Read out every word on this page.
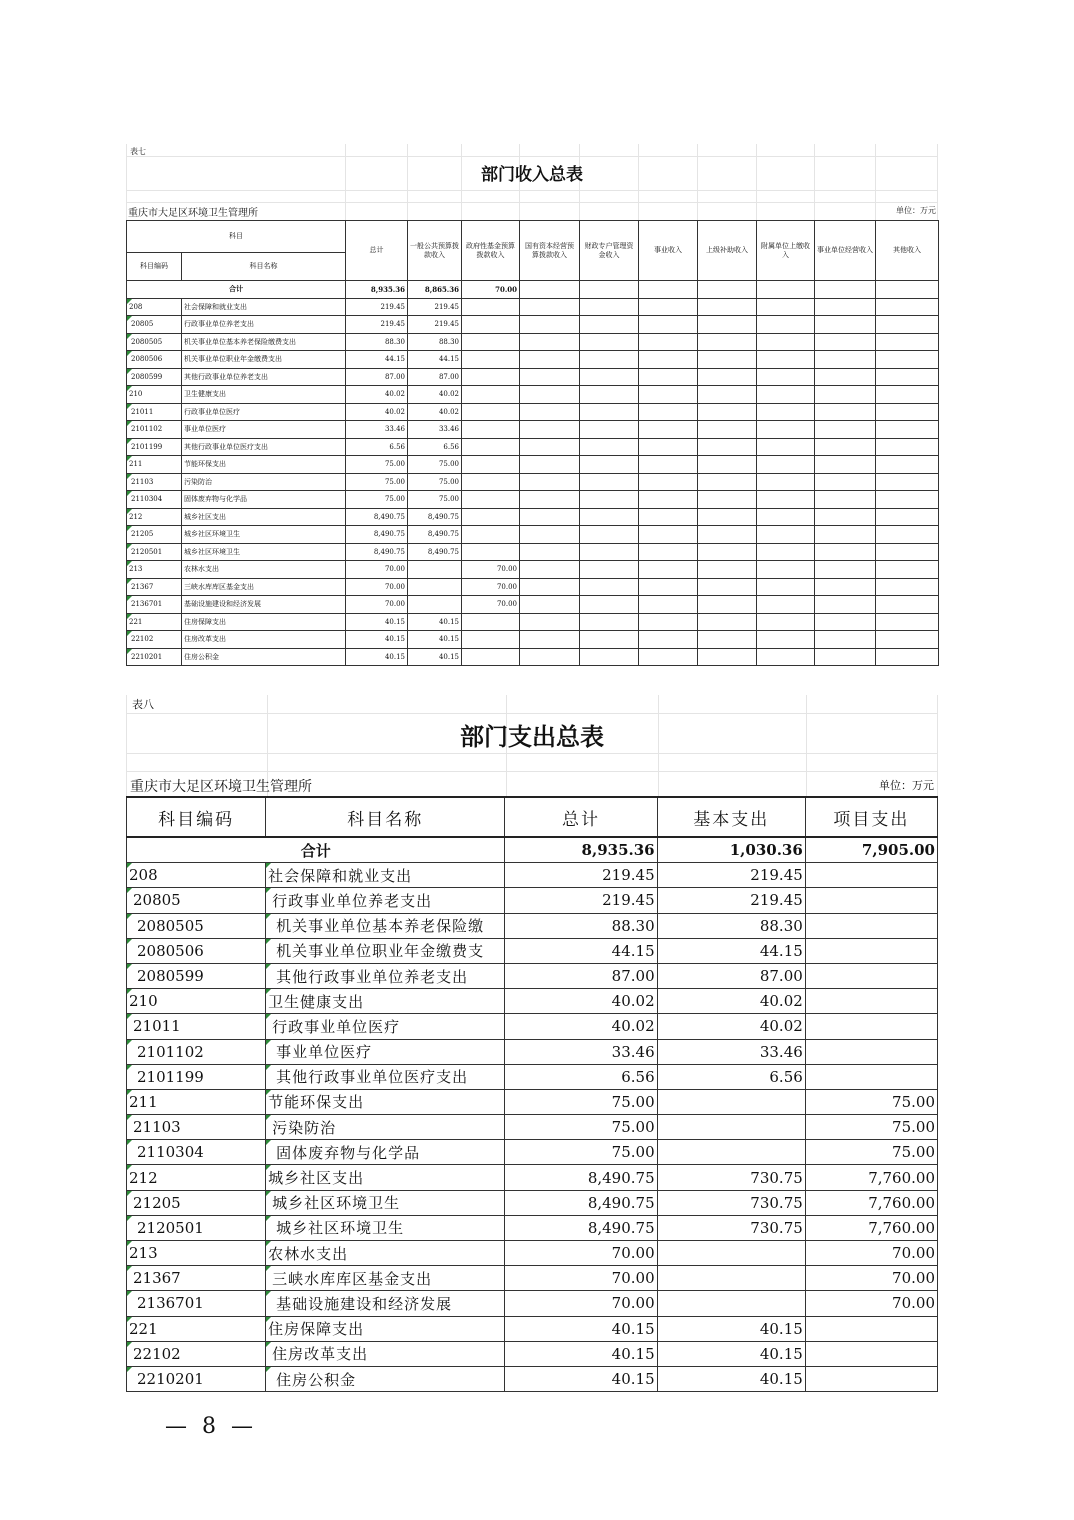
表七
部门收入总表
重庆市大足区环境卫生管理所	单位：万元
科目		总计	一般公共预算拨款收入	政府性基金预算拨款收入	国有资本经营预算拨款收入	财政专户管理资金收入	事业收入	上级补助收入	附属单位上缴收入	事业单位经营收入	其他收入
科目编码	科目名称										
合计		8,935.36	8,865.36	70.00							
208	社会保障和就业支出	219.45	219.45								
20805	行政事业单位养老支出	219.45	219.45								
2080505	机关事业单位基本养老保险缴费支出	88.30	88.30								
2080506	机关事业单位职业年金缴费支出	44.15	44.15								
2080599	其他行政事业单位养老支出	87.00	87.00								
210	卫生健康支出	40.02	40.02								
21011	行政事业单位医疗	40.02	40.02								
2101102	事业单位医疗	33.46	33.46								
2101199	其他行政事业单位医疗支出	6.56	6.56								
211	节能环保支出	75.00	75.00								
21103	污染防治	75.00	75.00								
2110304	固体废弃物与化学品	75.00	75.00								
212	城乡社区支出	8,490.75	8,490.75								
21205	城乡社区环境卫生	8,490.75	8,490.75								
2120501	城乡社区环境卫生	8,490.75	8,490.75								
213	农林水支出	70.00		70.00							
21367	三峡水库库区基金支出	70.00		70.00							
2136701	基础设施建设和经济发展	70.00		70.00							
221	住房保障支出	40.15	40.15								
22102	住房改革支出	40.15	40.15								
2210201	住房公积金	40.15	40.15								
表八
部门支出总表
重庆市大足区环境卫生管理所	单位：万元
科目编码	科目名称	总计	基本支出	项目支出
合计		8,935.36	1,030.36	7,905.00
208	社会保障和就业支出	219.45	219.45	
20805	行政事业单位养老支出	219.45	219.45	
2080505	机关事业单位基本养老保险缴	88.30	88.30	
2080506	机关事业单位职业年金缴费支	44.15	44.15	
2080599	其他行政事业单位养老支出	87.00	87.00	
210	卫生健康支出	40.02	40.02	
21011	行政事业单位医疗	40.02	40.02	
2101102	事业单位医疗	33.46	33.46	
2101199	其他行政事业单位医疗支出	6.56	6.56	
211	节能环保支出	75.00		75.00
21103	污染防治	75.00		75.00
2110304	固体废弃物与化学品	75.00		75.00
212	城乡社区支出	8,490.75	730.75	7,760.00
21205	城乡社区环境卫生	8,490.75	730.75	7,760.00
2120501	城乡社区环境卫生	8,490.75	730.75	7,760.00
213	农林水支出	70.00		70.00
21367	三峡水库库区基金支出	70.00		70.00
2136701	基础设施建设和经济发展	70.00		70.00
221	住房保障支出	40.15	40.15	
22102	住房改革支出	40.15	40.15	
2210201	住房公积金	40.15	40.15	
— 8 —
